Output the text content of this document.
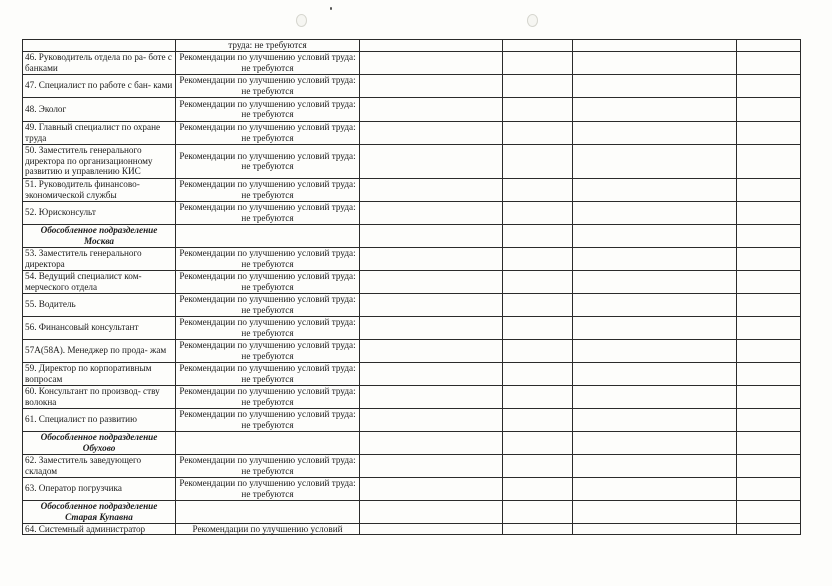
	труда: не требуются				
46. Руководитель отдела по ра- боте с банками	Рекомендации по улучшению условий труда: не требуются				
47. Специалист по работе с бан- ками	Рекомендации по улучшению условий труда: не требуются				
48. Эколог	Рекомендации по улучшению условий труда: не требуются				
49. Главный специалист по охране труда	Рекомендации по улучшению условий труда: не требуются				
50. Заместитель генерального директора по организационному развитию и управлению КИС	Рекомендации по улучшению условий труда: не требуются				
51. Руководитель финансово- экономической службы	Рекомендации по улучшению условий труда: не требуются				
52. Юрисконсульт	Рекомендации по улучшению условий труда: не требуются				
Обособленное подразделение Москва					
53. Заместитель генерального директора	Рекомендации по улучшению условий труда: не требуются				
54. Ведущий специалист ком- мерческого отдела	Рекомендации по улучшению условий труда: не требуются				
55. Водитель	Рекомендации по улучшению условий труда: не требуются				
56. Финансовый консультант	Рекомендации по улучшению условий труда: не требуются				
57А(58А). Менеджер по прода- жам	Рекомендации по улучшению условий труда: не требуются				
59. Директор по корпоративным вопросам	Рекомендации по улучшению условий труда: не требуются				
60. Консультант по производ- ству волокна	Рекомендации по улучшению условий труда: не требуются				
61. Специалист по развитию	Рекомендации по улучшению условий труда: не требуются				
Обособленное подразделение Обухово					
62. Заместитель заведующего складом	Рекомендации по улучшению условий труда: не требуются				
63. Оператор погрузчика	Рекомендации по улучшению условий труда: не требуются				
Обособленное подразделение Старая Купавна					
64. Системный администратор	Рекомендации по улучшению условий				
